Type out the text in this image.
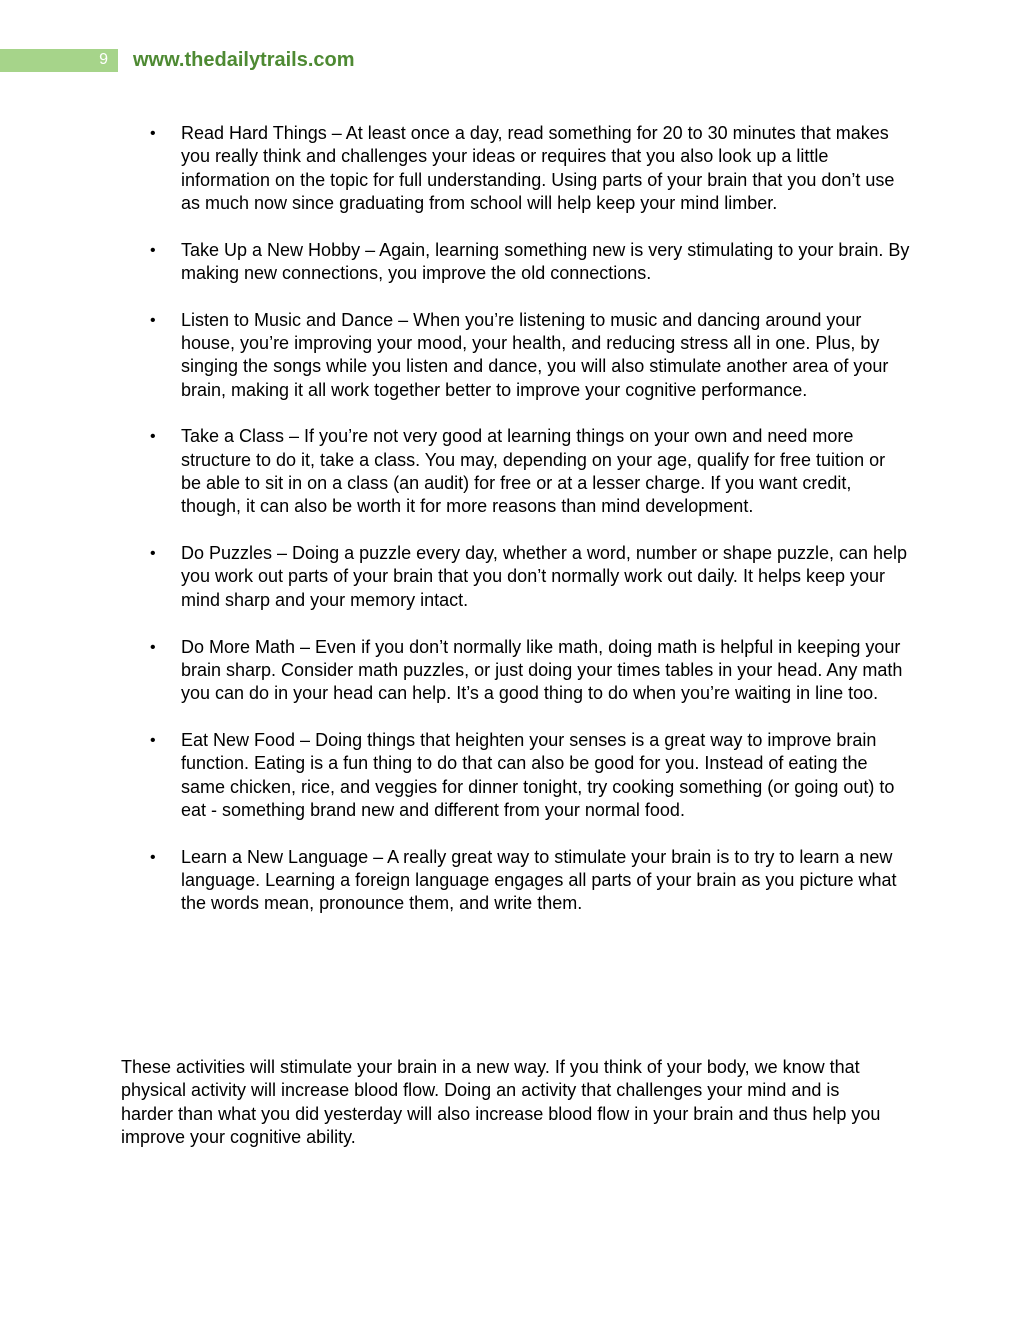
9	www.thedailytrails.com
• Read Hard Things – At least once a day, read something for 20 to 30 minutes that makes you really think and challenges your ideas or requires that you also look up a little information on the topic for full understanding. Using parts of your brain that you don’t use as much now since graduating from school will help keep your mind limber.
• Take Up a New Hobby – Again, learning something new is very stimulating to your brain. By making new connections, you improve the old connections.
• Listen to Music and Dance – When you’re listening to music and dancing around your house, you’re improving your mood, your health, and reducing stress all in one. Plus, by singing the songs while you listen and dance, you will also stimulate another area of your brain, making it all work together better to improve your cognitive performance.
• Take a Class – If you’re not very good at learning things on your own and need more structure to do it, take a class. You may, depending on your age, qualify for free tuition or be able to sit in on a class (an audit) for free or at a lesser charge. If you want credit, though, it can also be worth it for more reasons than mind development.
• Do Puzzles – Doing a puzzle every day, whether a word, number or shape puzzle, can help you work out parts of your brain that you don’t normally work out daily. It helps keep your mind sharp and your memory intact.
• Do More Math – Even if you don’t normally like math, doing math is helpful in keeping your brain sharp. Consider math puzzles, or just doing your times tables in your head. Any math you can do in your head can help. It’s a good thing to do when you’re waiting in line too.
• Eat New Food – Doing things that heighten your senses is a great way to improve brain function. Eating is a fun thing to do that can also be good for you. Instead of eating the same chicken, rice, and veggies for dinner tonight, try cooking something (or going out) to eat - something brand new and different from your normal food.
• Learn a New Language – A really great way to stimulate your brain is to try to learn a new language. Learning a foreign language engages all parts of your brain as you picture what the words mean, pronounce them, and write them.

These activities will stimulate your brain in a new way. If you think of your body, we know that physical activity will increase blood flow. Doing an activity that challenges your mind and is harder than what you did yesterday will also increase blood flow in your brain and thus help you improve your cognitive ability.
